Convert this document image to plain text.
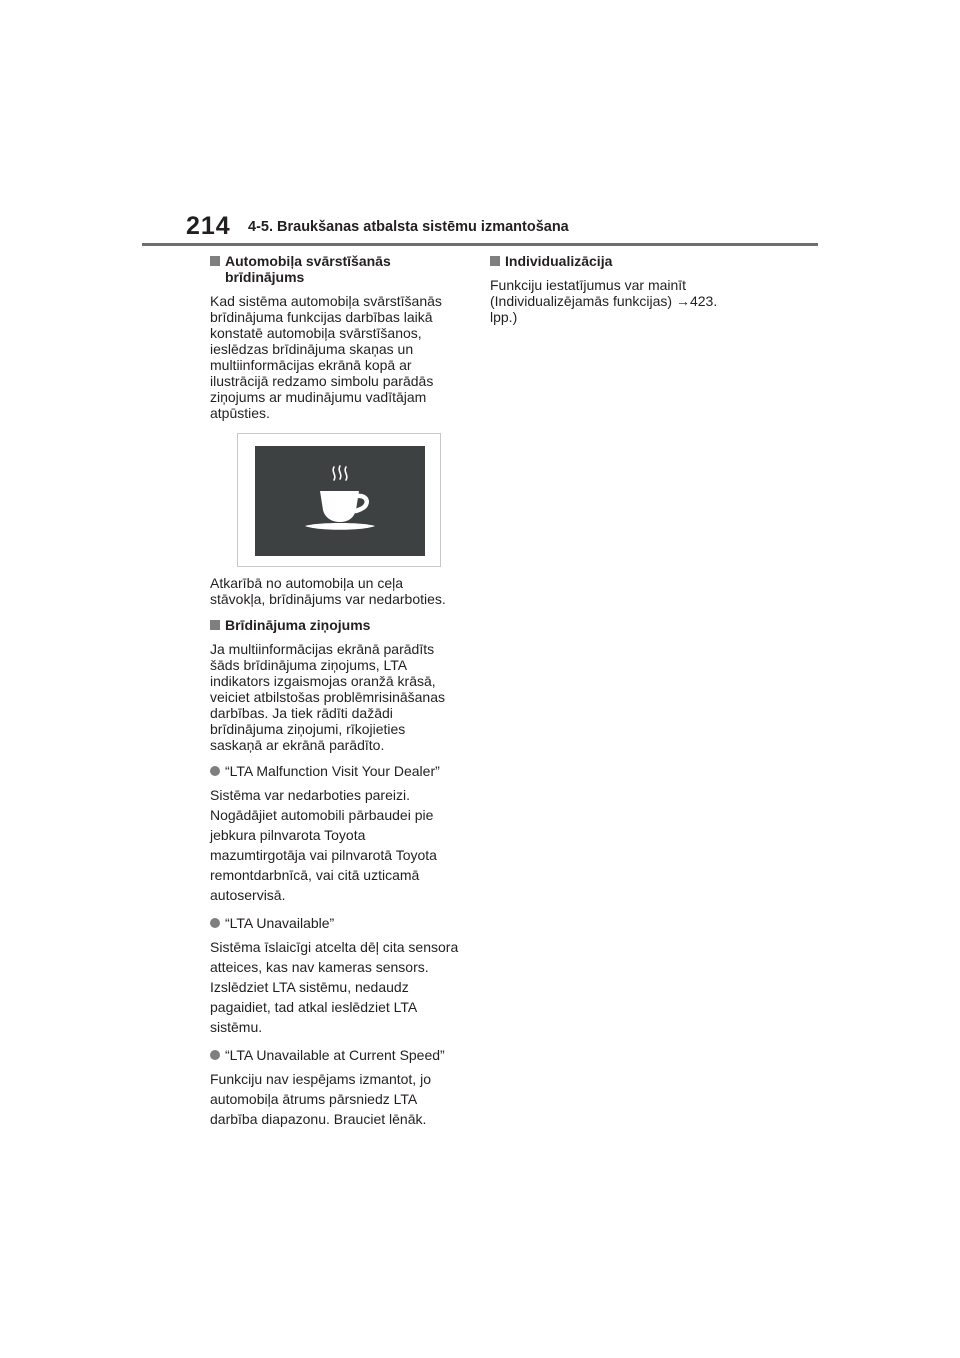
214 4-5. Braukšanas atbalsta sistēmu izmantošana
Automobiļa svārstīšanās brīdinājums
Kad sistēma automobiļa svārstīšanās
brīdinājuma funkcijas darbības laikā
konstatē automobiļa svārstīšanos,
ieslēdzas brīdinājuma skaņas un
multiinformācijas ekrānā kopā ar
ilustrācijā redzamo simbolu parādās
ziņojums ar mudinājumu vadītājam
atpūsties.
Atkarībā no automobiļa un ceļa
stāvokļa, brīdinājums var nedarboties.
Brīdinājuma ziņojums
Ja multiinformācijas ekrānā parādīts
šāds brīdinājuma ziņojums, LTA
indikators izgaismojas oranžā krāsā,
veiciet atbilstošas problēmrisināšanas
darbības. Ja tiek rādīti dažādi
brīdinājuma ziņojumi, rīkojieties
saskaņā ar ekrānā parādīto.
“LTA Malfunction Visit Your Dealer”
Sistēma var nedarboties pareizi.
Nogādājiet automobili pārbaudei pie
jebkura pilnvarota Toyota
mazumtirgotāja vai pilnvarotā Toyota
remontdarbnīcā, vai citā uzticamā
autoservisā.
“LTA Unavailable”
Sistēma īslaicīgi atcelta dēļ cita sensora
atteices, kas nav kameras sensors.
Izslēdziet LTA sistēmu, nedaudz
pagaidiet, tad atkal ieslēdziet LTA
sistēmu.
“LTA Unavailable at Current Speed”
Funkciju nav iespējams izmantot, jo
automobiļa ātrums pārsniedz LTA
darbība diapazonu. Brauciet lēnāk.
Individualizācija
Funkciju iestatījumus var mainīt
(Individualizējamās funkcijas) →423.
lpp.)
